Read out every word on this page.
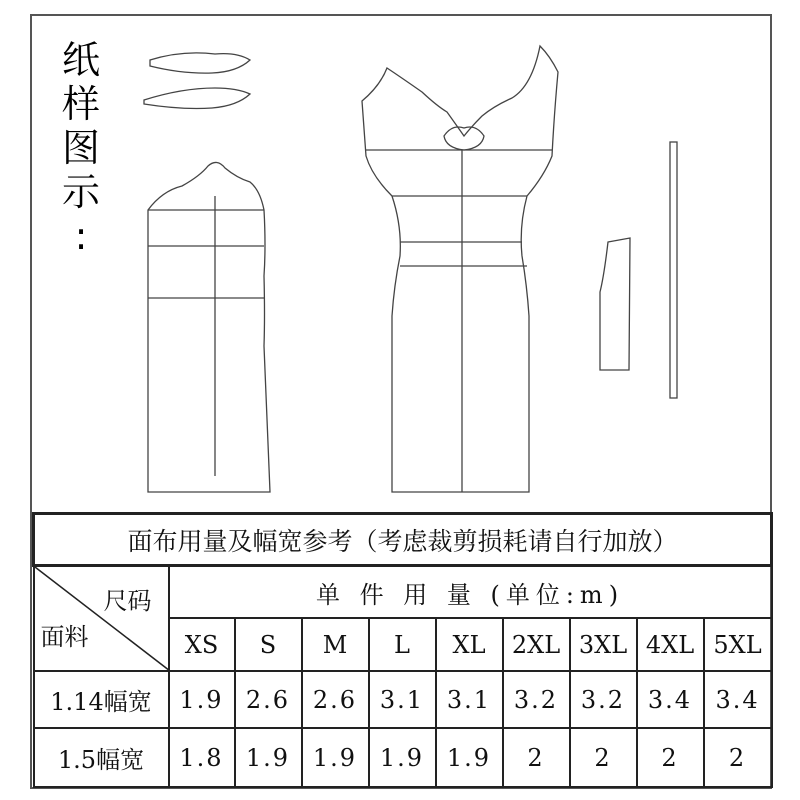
纸
样
图
示
:
面布用量及幅宽参考（考虑裁剪损耗请自行加放）									

尺码
面料	单 件 用 量 (单位:m)								
	XS	S	M	L	XL	2XL	3XL	4XL	5XL
1.14幅宽	1.9	2.6	2.6	3.1	3.1	3.2	3.2	3.4	3.4
1.5幅宽	1.8	1.9	1.9	1.9	1.9	2	2	2	2
